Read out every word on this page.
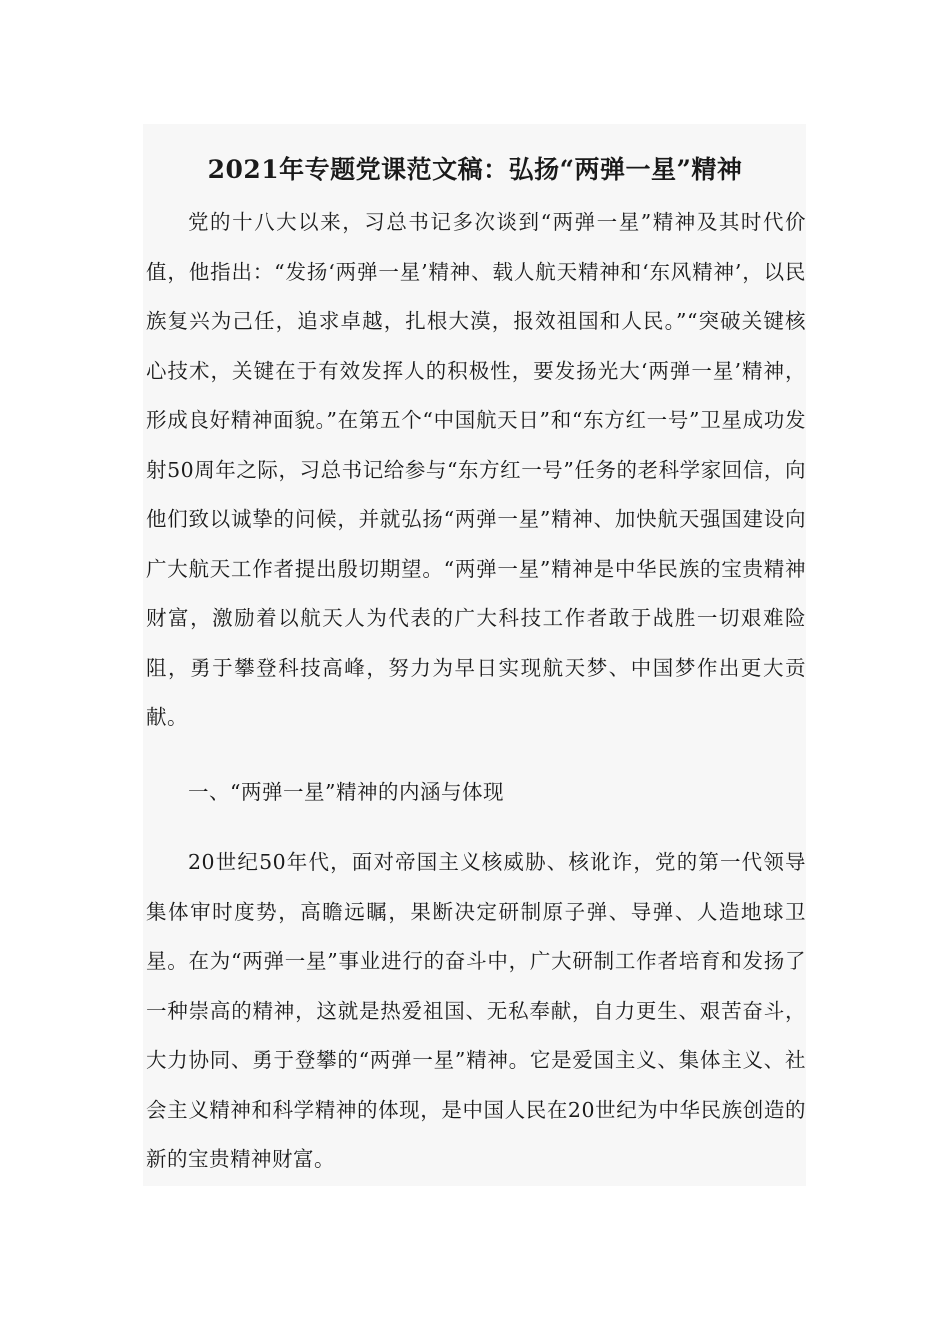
2021年专题党课范文稿：弘扬“两弹一星”精神

党的十八大以来，习总书记多次谈到“两弹一星”精神及其时代价值，他指出：“发扬‘两弹一星’精神、载人航天精神和‘东风精神’，以民族复兴为己任，追求卓越，扎根大漠，报效祖国和人民。”“突破关键核心技术，关键在于有效发挥人的积极性，要发扬光大‘两弹一星’精神，形成良好精神面貌。”在第五个“中国航天日”和“东方红一号”卫星成功发射50周年之际，习总书记给参与“东方红一号”任务的老科学家回信，向他们致以诚挚的问候，并就弘扬“两弹一星”精神、加快航天强国建设向广大航天工作者提出殷切期望。“两弹一星”精神是中华民族的宝贵精神财富，激励着以航天人为代表的广大科技工作者敢于战胜一切艰难险阻，勇于攀登科技高峰，努力为早日实现航天梦、中国梦作出更大贡献。

一、“两弹一星”精神的内涵与体现

20世纪50年代，面对帝国主义核威胁、核讹诈，党的第一代领导集体审时度势，高瞻远瞩，果断决定研制原子弹、导弹、人造地球卫星。在为“两弹一星”事业进行的奋斗中，广大研制工作者培育和发扬了一种崇高的精神，这就是热爱祖国、无私奉献，自力更生、艰苦奋斗，大力协同、勇于登攀的“两弹一星”精神。它是爱国主义、集体主义、社会主义精神和科学精神的体现，是中国人民在20世纪为中华民族创造的新的宝贵精神财富。
